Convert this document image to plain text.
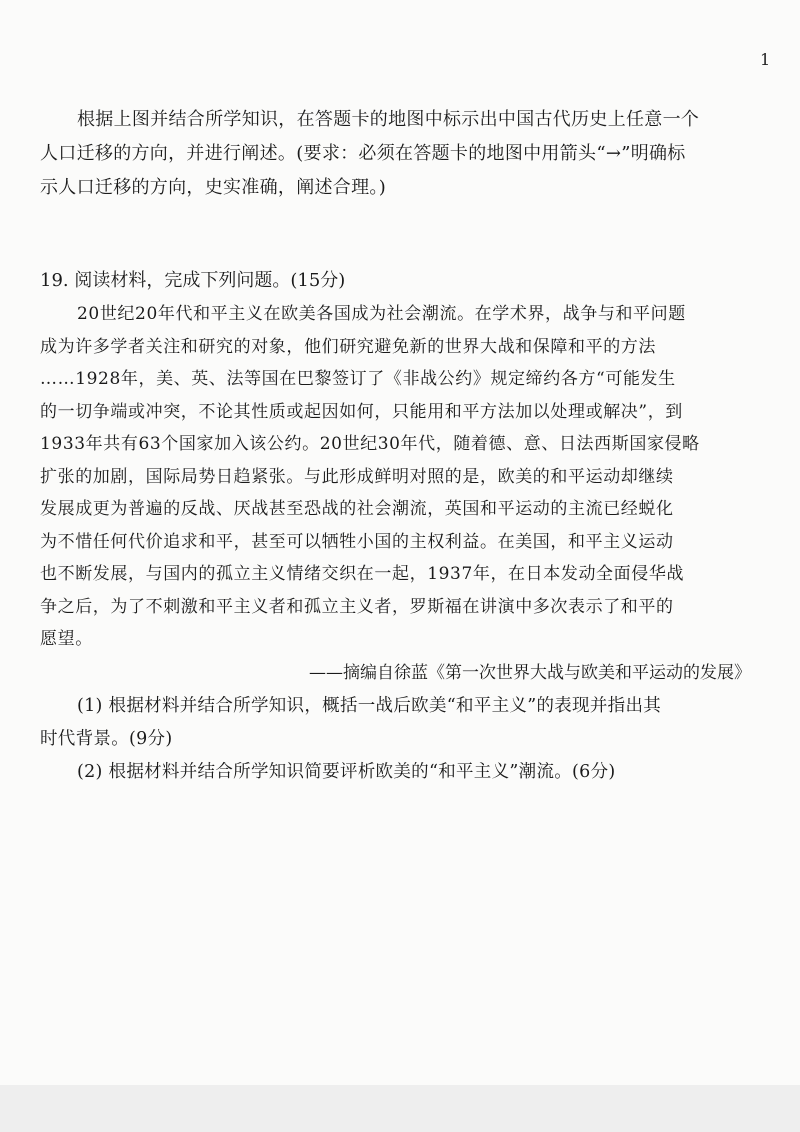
1
根据上图并结合所学知识，在答题卡的地图中标示出中国古代历史上任意一个
人口迁移的方向，并进行阐述。(要求：必须在答题卡的地图中用箭头“→”明确标
示人口迁移的方向，史实准确，阐述合理。)
19. 阅读材料，完成下列问题。(15分)
20世纪20年代和平主义在欧美各国成为社会潮流。在学术界，战争与和平问题
成为许多学者关注和研究的对象，他们研究避免新的世界大战和保障和平的方法
……1928年，美、英、法等国在巴黎签订了《非战公约》规定缔约各方“可能发生
的一切争端或冲突，不论其性质或起因如何，只能用和平方法加以处理或解决”，到
1933年共有63个国家加入该公约。20世纪30年代，随着德、意、日法西斯国家侵略
扩张的加剧，国际局势日趋紧张。与此形成鲜明对照的是，欧美的和平运动却继续
发展成更为普遍的反战、厌战甚至恐战的社会潮流，英国和平运动的主流已经蜕化
为不惜任何代价追求和平，甚至可以牺牲小国的主权利益。在美国，和平主义运动
也不断发展，与国内的孤立主义情绪交织在一起，1937年，在日本发动全面侵华战
争之后，为了不刺激和平主义者和孤立主义者，罗斯福在讲演中多次表示了和平的
愿望。
——摘编自徐蓝《第一次世界大战与欧美和平运动的发展》
(1) 根据材料并结合所学知识，概括一战后欧美“和平主义”的表现并指出其
时代背景。(9分)
(2) 根据材料并结合所学知识简要评析欧美的“和平主义”潮流。(6分)
